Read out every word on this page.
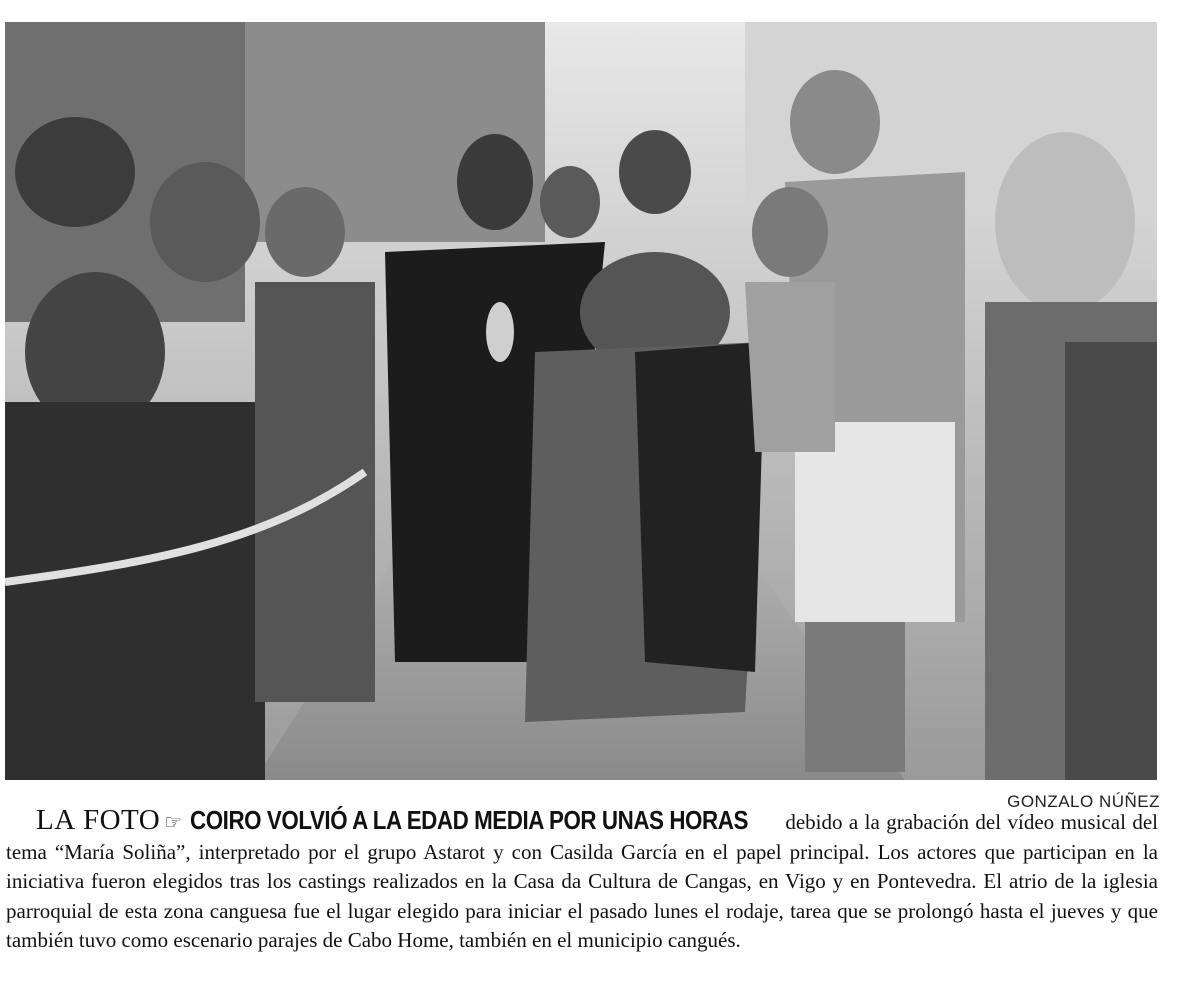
GONZALO NÚÑEZ
LA FOTO ☞ COIRO VOLVIÓ A LA EDAD MEDIA POR UNAS HORAS debido a la grabación del vídeo musical del tema “María Soliña”, interpretado por el grupo Astarot y con Casilda García en el papel principal. Los actores que participan en la iniciativa fueron elegidos tras los castings realizados en la Casa da Cultura de Cangas, en Vigo y en Pontevedra. El atrio de la iglesia parroquial de esta zona canguesa fue el lugar elegido para iniciar el pasado lunes el rodaje, tarea que se prolongó hasta el jueves y que también tuvo como escenario parajes de Cabo Home, también en el municipio cangués.
